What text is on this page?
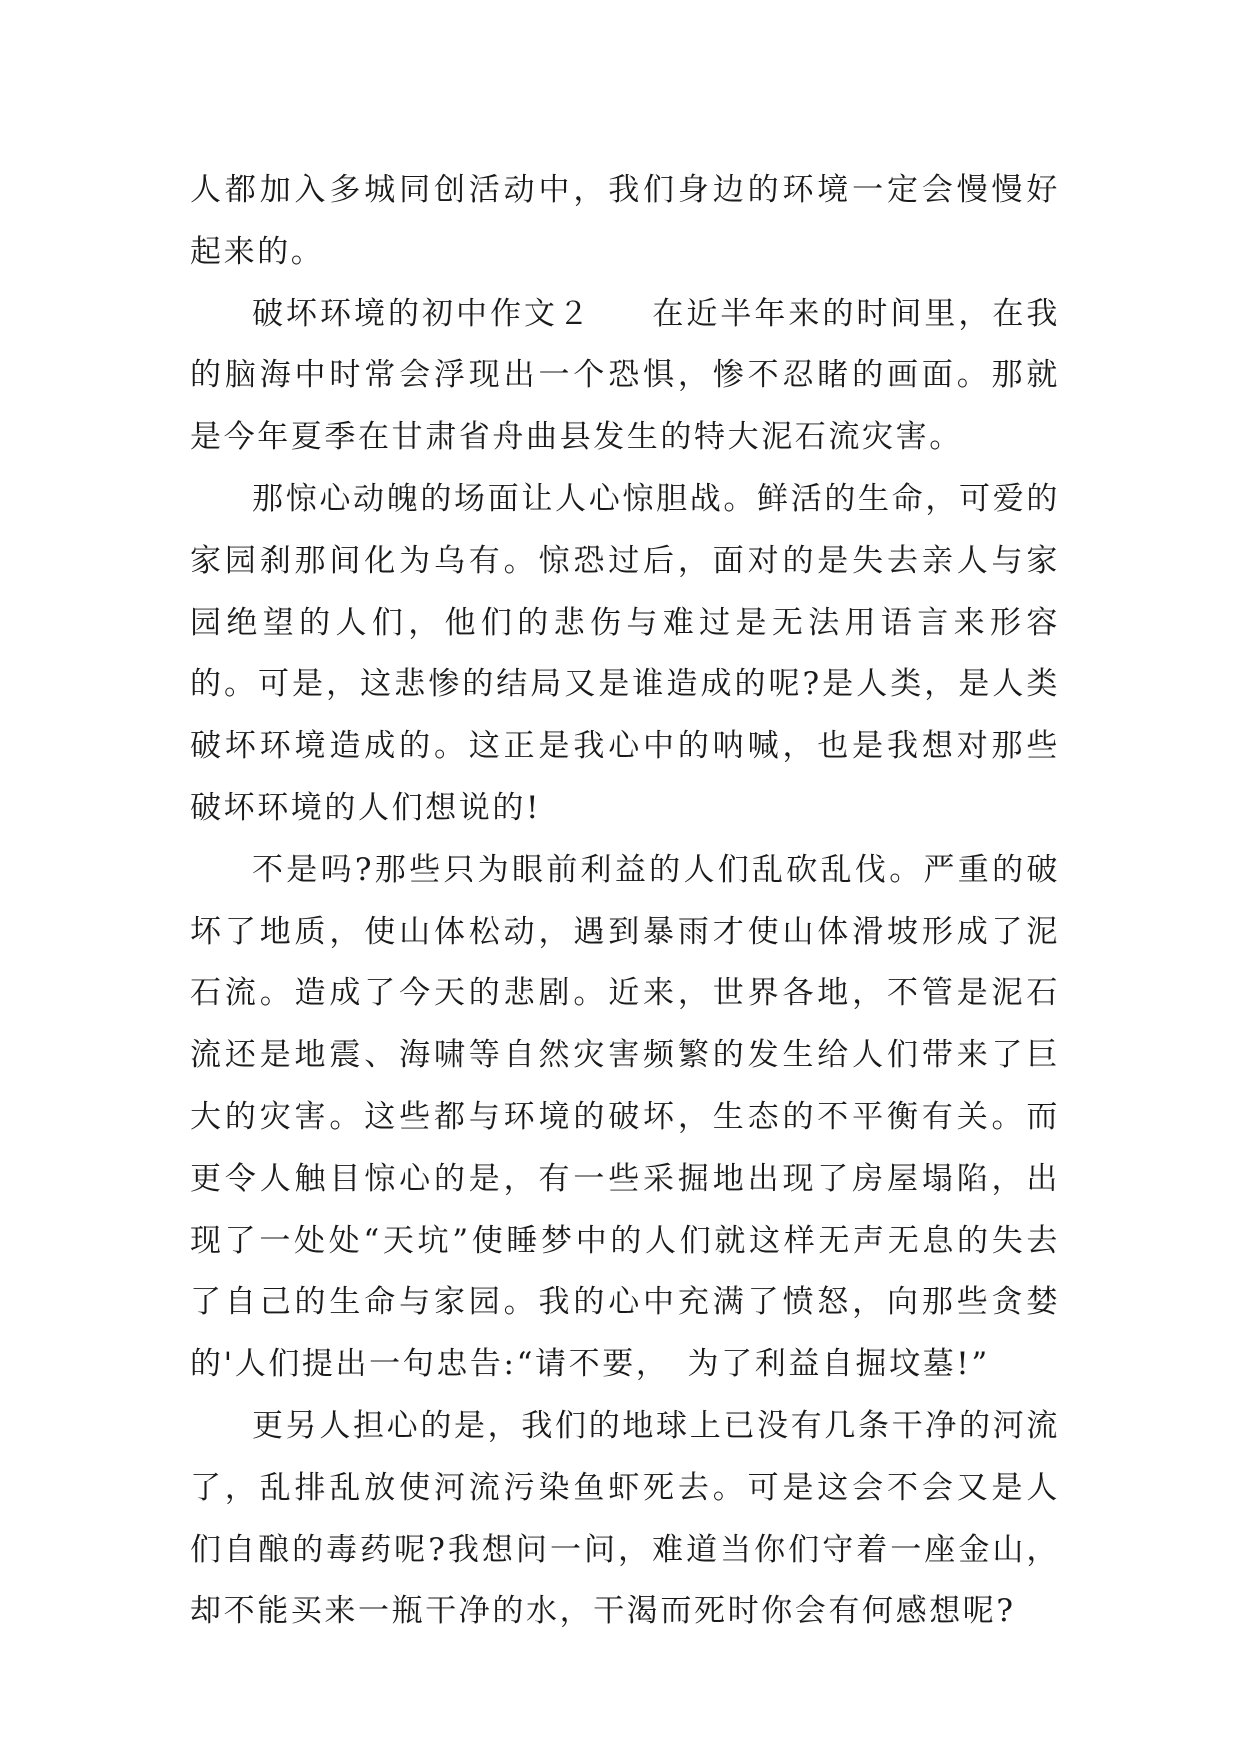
人都加入多城同创活动中，我们身边的环境一定会慢慢好起来的。

破坏环境的初中作文２ 在近半年来的时间里，在我的脑海中时常会浮现出一个恐惧，惨不忍睹的画面。那就是今年夏季在甘肃省舟曲县发生的特大泥石流灾害。

那惊心动魄的场面让人心惊胆战。鲜活的生命，可爱的家园刹那间化为乌有。惊恐过后，面对的是失去亲人与家园绝望的人们，他们的悲伤与难过是无法用语言来形容的。可是，这悲惨的结局又是谁造成的呢?是人类，是人类破坏环境造成的。这正是我心中的呐喊，也是我想对那些破坏环境的人们想说的!

不是吗?那些只为眼前利益的人们乱砍乱伐。严重的破坏了地质，使山体松动，遇到暴雨才使山体滑坡形成了泥石流。造成了今天的悲剧。近来，世界各地，不管是泥石流还是地震、海啸等自然灾害频繁的发生给人们带来了巨大的灾害。这些都与环境的破坏，生态的不平衡有关。而更令人触目惊心的是，有一些采掘地出现了房屋塌陷，出现了一处处“天坑”使睡梦中的人们就这样无声无息的失去了自己的生命与家园。我的心中充满了愤怒，向那些贪婪的'人们提出一句忠告:“请不要，　为了利益自掘坟墓!”

更另人担心的是，我们的地球上已没有几条干净的河流了，乱排乱放使河流污染鱼虾死去。可是这会不会又是人们自酿的毒药呢?我想问一问，难道当你们守着一座金山，却不能买来一瓶干净的水，干渴而死时你会有何感想呢?
